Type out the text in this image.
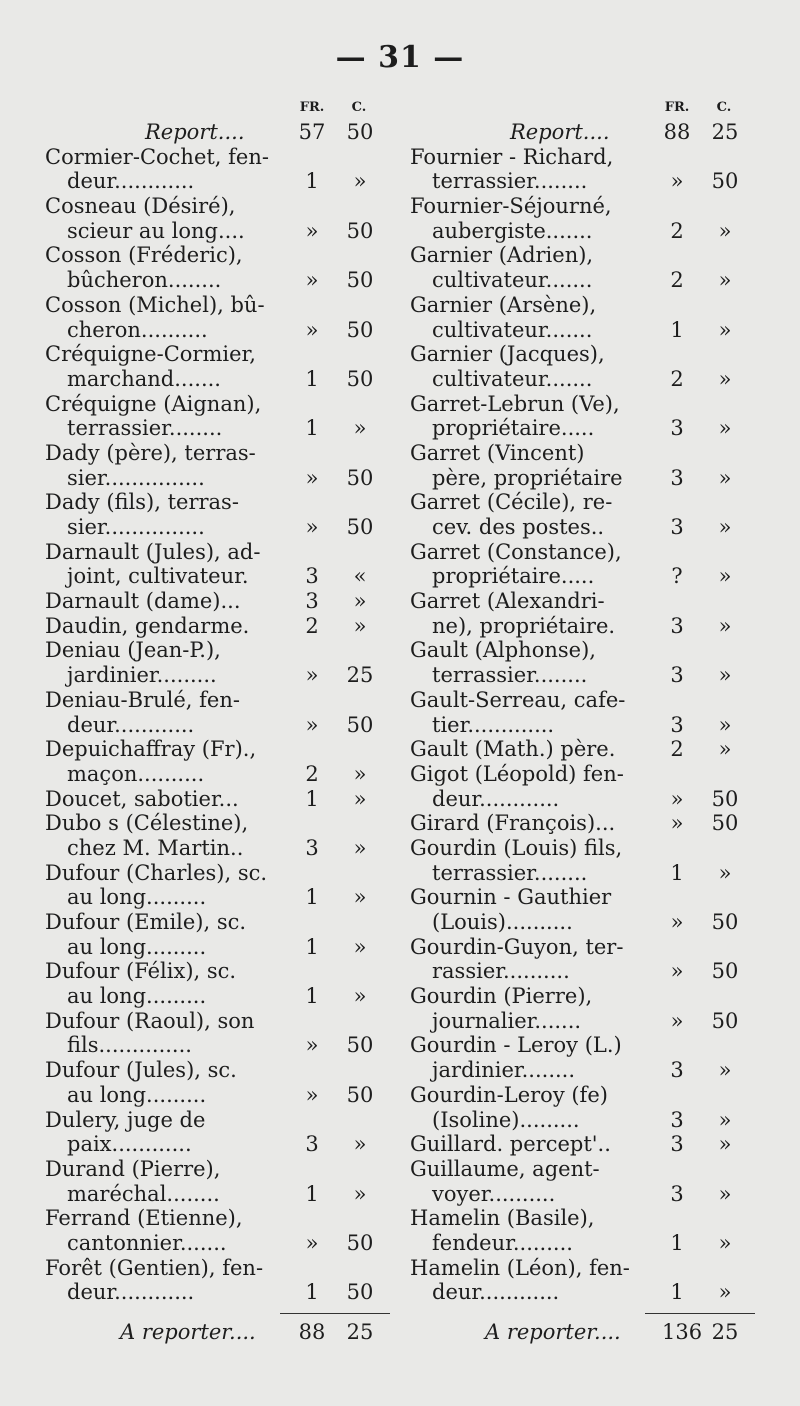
— 31 —
FR.	C.
Report....	57 50
Cormier-Cochet, fen-
deur............	1	»
Cosneau (Désiré),
scieur au long....	»	50
Cosson (Fréderic),
bûcheron........	»	50
Cosson (Michel), bû-
cheron..........	»	50
Créquigne-Cormier,
marchand.......	1	50
Créquigne (Aignan),
terrassier........	1	»
Dady (père), terras-
sier...............	»	50
Dady (fils), terras-
sier...............	»	50
Darnault (Jules), ad-
joint, cultivateur.	3	«
Darnault (dame)...	3	»
Daudin, gendarme.	2	»
Deniau (Jean-P.),
jardinier.........	»	25
Deniau-Brulé, fen-
deur............	»	50
Depuichaffray (Fr).,
maçon..........	2	»
Doucet, sabotier...	1	»
Dubo s (Célestine),
chez M. Martin..	3	»
Dufour (Charles), sc.
au long.........	1	»
Dufour (Emile), sc.
au long.........	1	»
Dufour (Félix), sc.
au long.........	1	»
Dufour (Raoul), son
fils..............	»	50
Dufour (Jules), sc.
au long.........	»	50
Dulery, juge de
paix............	3	»
Durand (Pierre),
maréchal........	1	»
Ferrand (Etienne),
cantonnier.......	»	50
Forêt (Gentien), fen-
deur............	1	50
A reporter.... 88 25
FR.	C.
Report....	88 25
Fournier - Richard,
terrassier........	»	50
Fournier-Séjourné,
aubergiste.......	2	»
Garnier (Adrien),
cultivateur.......	2	»
Garnier (Arsène),
cultivateur.......	1	»
Garnier (Jacques),
cultivateur.......	2	»
Garret-Lebrun (Ve),
propriétaire.....	3	»
Garret (Vincent)
père, propriétaire	3	»
Garret (Cécile), re-
cev. des postes..	3	»
Garret (Constance),
propriétaire.....	?	»
Garret (Alexandri-
ne), propriétaire.	3	»
Gault (Alphonse),
terrassier........	3	»
Gault-Serreau, cafe-
tier.............	3	»
Gault (Math.) père.	2	»
Gigot (Léopold) fen-
deur............	»	50
Girard (François)...	»	50
Gourdin (Louis) fils,
terrassier........	1	»
Gournin - Gauthier
(Louis)..........	»	50
Gourdin-Guyon, ter-
rassier..........	»	50
Gourdin (Pierre),
journalier.......	»	50
Gourdin - Leroy (L.)
jardinier........	3	»
Gourdin-Leroy (fe)
(Isoline).........	3	»
Guillard. percept'..	3	»
Guillaume, agent-
voyer..........	3	»
Hamelin (Basile),
fendeur.........	1	»
Hamelin (Léon), fen-
deur............	1	»
A reporter.... 136 25
